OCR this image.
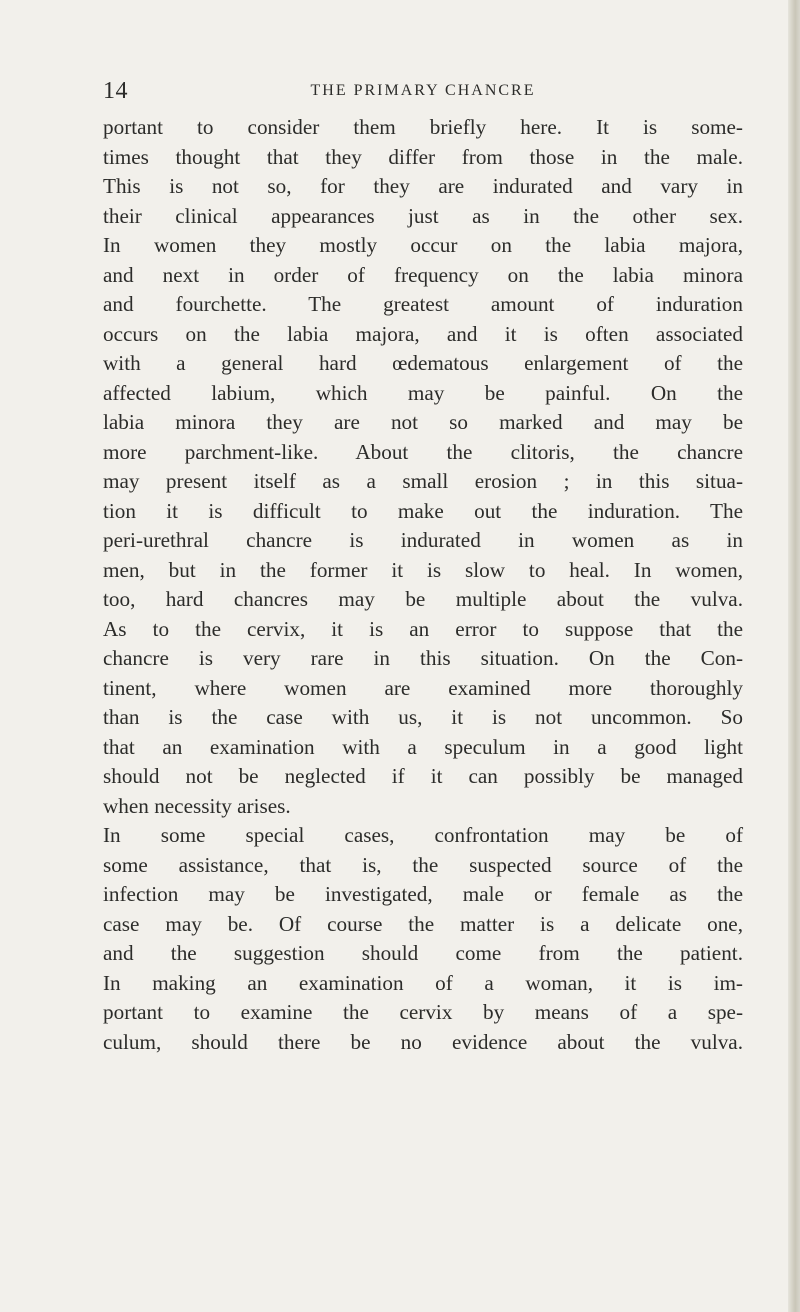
14	THE PRIMARY CHANCRE
portant to consider them briefly here. It is some-
times thought that they differ from those in the male.
This is not so, for they are indurated and vary in
their clinical appearances just as in the other sex.
In women they mostly occur on the labia majora,
and next in order of frequency on the labia minora
and fourchette. The greatest amount of induration
occurs on the labia majora, and it is often associated
with a general hard œdematous enlargement of the
affected labium, which may be painful. On the
labia minora they are not so marked and may be
more parchment-like. About the clitoris, the chancre
may present itself as a small erosion ; in this situa-
tion it is difficult to make out the induration. The
peri-urethral chancre is indurated in women as in
men, but in the former it is slow to heal. In women,
too, hard chancres may be multiple about the vulva.
As to the cervix, it is an error to suppose that the
chancre is very rare in this situation. On the Con-
tinent, where women are examined more thoroughly
than is the case with us, it is not uncommon. So
that an examination with a speculum in a good light
should not be neglected if it can possibly be managed
when necessity arises.
In some special cases, confrontation may be of
some assistance, that is, the suspected source of the
infection may be investigated, male or female as the
case may be. Of course the matter is a delicate one,
and the suggestion should come from the patient.
In making an examination of a woman, it is im-
portant to examine the cervix by means of a spe-
culum, should there be no evidence about the vulva.
